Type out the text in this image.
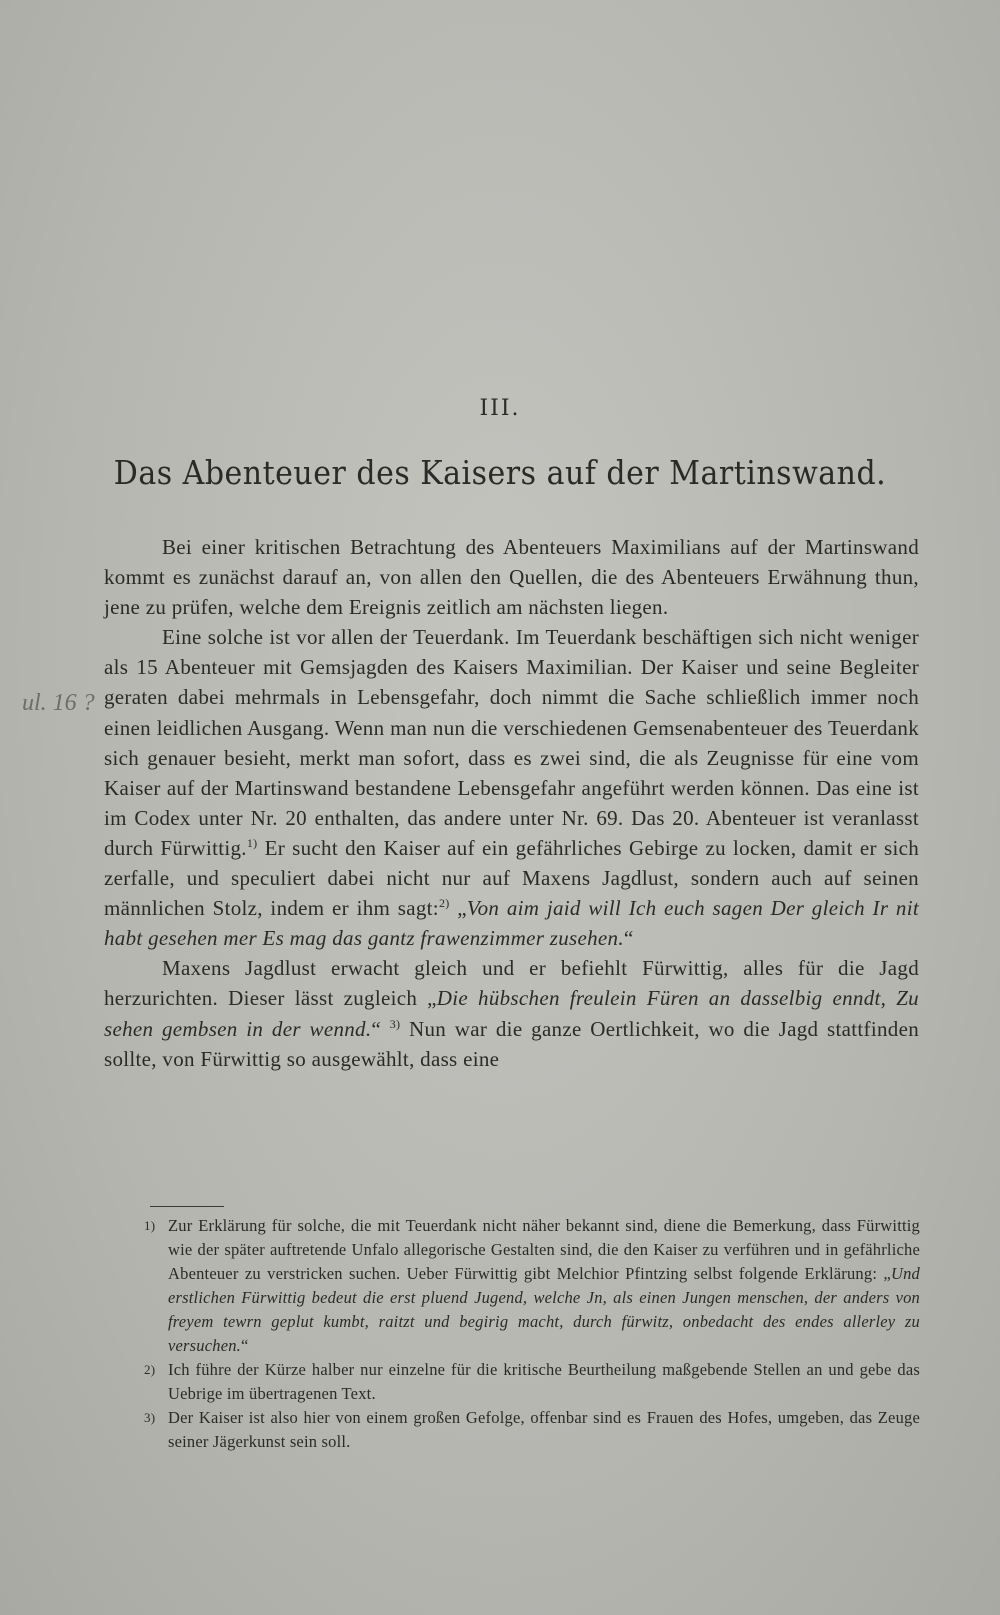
III.
Das Abenteuer des Kaisers auf der Martinswand.
ul. 16 ?

Bei einer kritischen Betrachtung des Abenteuers Maximilians auf der Martinswand kommt es zunächst darauf an, von allen den Quellen, die des Abenteuers Erwähnung thun, jene zu prüfen, welche dem Ereignis zeitlich am nächsten liegen.

Eine solche ist vor allen der Teuerdank. Im Teuerdank beschäftigen sich nicht weniger als 15 Abenteuer mit Gemsjagden des Kaisers Maximilian. Der Kaiser und seine Begleiter geraten dabei mehrmals in Lebensgefahr, doch nimmt die Sache schließlich immer noch einen leidlichen Ausgang. Wenn man nun die verschiedenen Gemsenabenteuer des Teuerdank sich genauer besieht, merkt man sofort, dass es zwei sind, die als Zeugnisse für eine vom Kaiser auf der Martinswand bestandene Lebensgefahr angeführt werden können. Das eine ist im Codex unter Nr. 20 enthalten, das andere unter Nr. 69. Das 20. Abenteuer ist veranlasst durch Fürwittig.$^{1)}$ Er sucht den Kaiser auf ein gefährliches Gebirge zu locken, damit er sich zerfalle, und speculiert dabei nicht nur auf Maxens Jagdlust, sondern auch auf seinen männlichen Stolz, indem er ihm sagt:$^{2)}$ „Von aim jaid will Ich euch sagen Der gleich Ir nit habt gesehen mer Es mag das gantz frawenzimmer zusehen.“

Maxens Jagdlust erwacht gleich und er befiehlt Fürwittig, alles für die Jagd herzurichten. Dieser lässt zugleich „Die hübschen freulein Füren an dasselbig enndt, Zu sehen gembsen in der wennd.“ $^{3)}$ Nun war die ganze Oertlichkeit, wo die Jagd stattfinden sollte, von Fürwittig so ausgewählt, dass eine

1) Zur Erklärung für solche, die mit Teuerdank nicht näher bekannt sind, diene die Bemerkung, dass Fürwittig wie der später auftretende Unfalo allegorische Gestalten sind, die den Kaiser zu verführen und in gefährliche Abenteuer zu verstricken suchen. Ueber Fürwittig gibt Melchior Pfintzing selbst folgende Erklärung: „Und erstlichen Fürwittig bedeut die erst pluend Jugend, welche Jn, als einen Jungen menschen, der anders von freyem tewrn geplut kumbt, raitzt und begirig macht, durch fürwitz, onbedacht des endes allerley zu versuchen.“

2) Ich führe der Kürze halber nur einzelne für die kritische Beurtheilung maßgebende Stellen an und gebe das Uebrige im übertragenen Text.

3) Der Kaiser ist also hier von einem großen Gefolge, offenbar sind es Frauen des Hofes, umgeben, das Zeuge seiner Jägerkunst sein soll.
